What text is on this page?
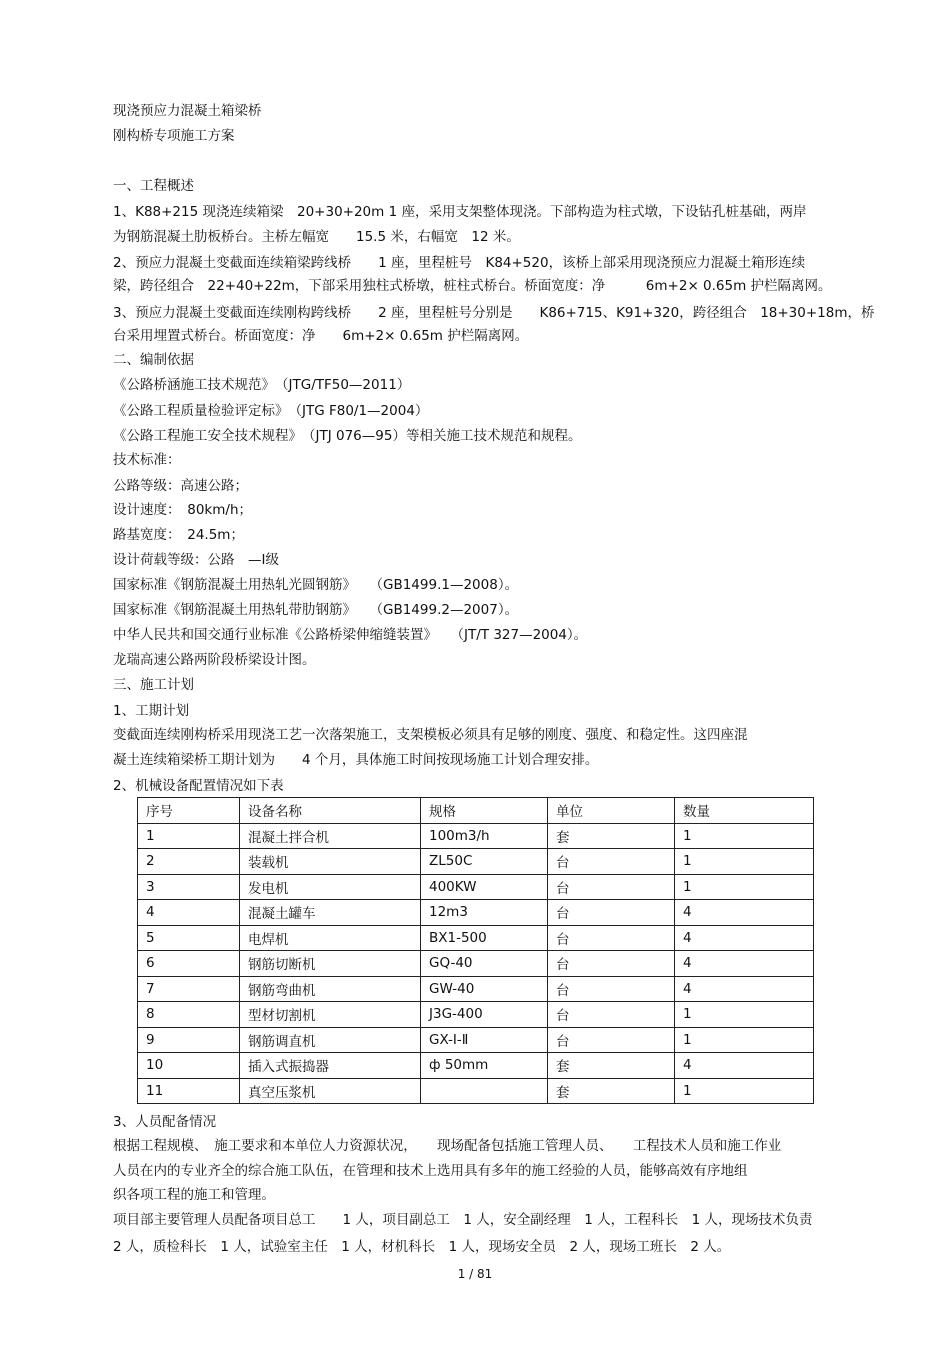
现浇预应力混凝土箱梁桥

刚构桥专项施工方案

一、工程概述

1、K88+215 现浇连续箱梁　20+30+20m 1 座，采用支架整体现浇。下部构造为柱式墩，下设钻孔桩基础，两岸

为钢筋混凝土肋板桥台。主桥左幅宽　　15.5 米，右幅宽　12 米。

2、预应力混凝土变截面连续箱梁跨线桥　　1 座，里程桩号　K84+520，该桥上部采用现浇预应力混凝土箱形连续

梁，跨径组合　22+40+22m，下部采用独柱式桥墩，桩柱式桥台。桥面宽度：净　　　6m+2× 0.65m 护栏隔离网。

3、预应力混凝土变截面连续刚构跨线桥　　2 座，里程桩号分别是　　K86+715、K91+320，跨径组合　18+30+18m，桥

台采用埋置式桥台。桥面宽度：净　　6m+2× 0.65m 护栏隔离网。

二、编制依据

《公路桥涵施工技术规范》　（JTG/TF50—2011）

《公路工程质量检验评定标》　（JTG F80/1—2004）

《公路工程施工安全技术规程》　（JTJ 076—95）等相关施工技术规范和规程。

技术标准：

公路等级：高速公路；

设计速度：　80km/h；

路基宽度：　24.5m；

设计荷载等级：公路　—Ⅰ级

国家标准《钢筋混凝土用热轧光圆钢筋》　　（GB1499.1—2008）。

国家标准《钢筋混凝土用热轧带肋钢筋》　　（GB1499.2—2007）。

中华人民共和国交通行业标准《公路桥梁伸缩缝装置》　　（JT/T 327—2004）。

龙瑞高速公路两阶段桥梁设计图。

三、施工计划

1、工期计划

变截面连续刚构桥采用现浇工艺一次落架施工，支架模板必须具有足够的刚度、强度、和稳定性。这四座混

凝土连续箱梁桥工期计划为　　4 个月，具体施工时间按现场施工计划合理安排。

2、机械设备配置情况如下表

序号	设备名称	规格	单位	数量
1	混凝土拌合机	100m3/h	套	1
2	装载机	ZL50C	台	1
3	发电机	400KW	台	1
4	混凝土罐车	12m3	台	4
5	电焊机	BX1-500	台	4
6	钢筋切断机	GQ-40	台	4
7	钢筋弯曲机	GW-40	台	4
8	型材切割机	J3G-400	台	1
9	钢筋调直机	GX-Ⅰ-Ⅱ	台	1
10	插入式振捣器	ф 50mm	套	4
11	真空压浆机		套	1

3、人员配备情况

根据工程规模、　施工要求和本单位人力资源状况，　　现场配备包括施工管理人员、　　工程技术人员和施工作业

人员在内的专业齐全的综合施工队伍，在管理和技术上选用具有多年的施工经验的人员，能够高效有序地组

织各项工程的施工和管理。

项目部主要管理人员配备项目总工　　1 人，项目副总工　1 人，安全副经理　1 人，工程科长　1 人，现场技术负责

2 人，质检科长　1 人，试验室主任　1 人，材机科长　1 人，现场安全员　2 人，现场工班长　2 人。

1 / 81
